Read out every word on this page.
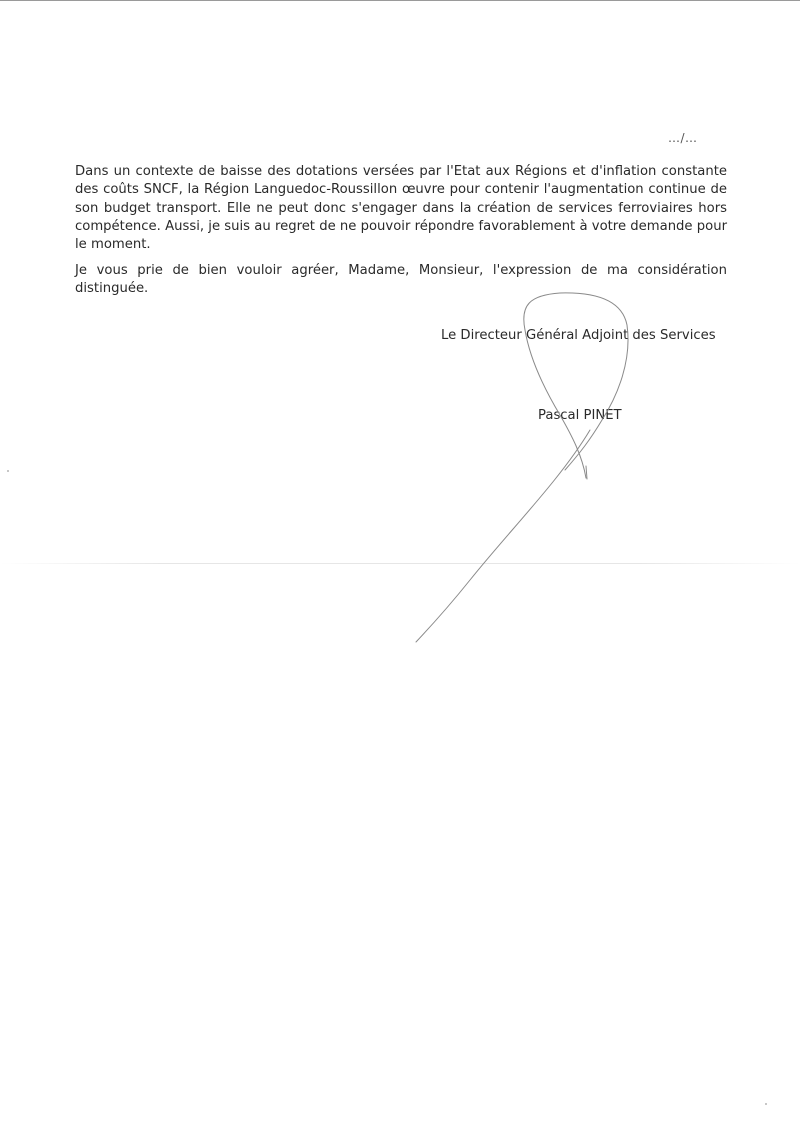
…/…

Dans un contexte de baisse des dotations versées par l'Etat aux Régions et d'inflation constante des coûts SNCF, la Région Languedoc-Roussillon œuvre pour contenir l'augmentation continue de son budget transport. Elle ne peut donc s'engager dans la création de services ferroviaires hors compétence. Aussi, je suis au regret de ne pouvoir répondre favorablement à votre demande pour le moment.

Je vous prie de bien vouloir agréer, Madame, Monsieur, l'expression de ma considération distinguée.

Le Directeur Général Adjoint des Services

Pascal PINET
